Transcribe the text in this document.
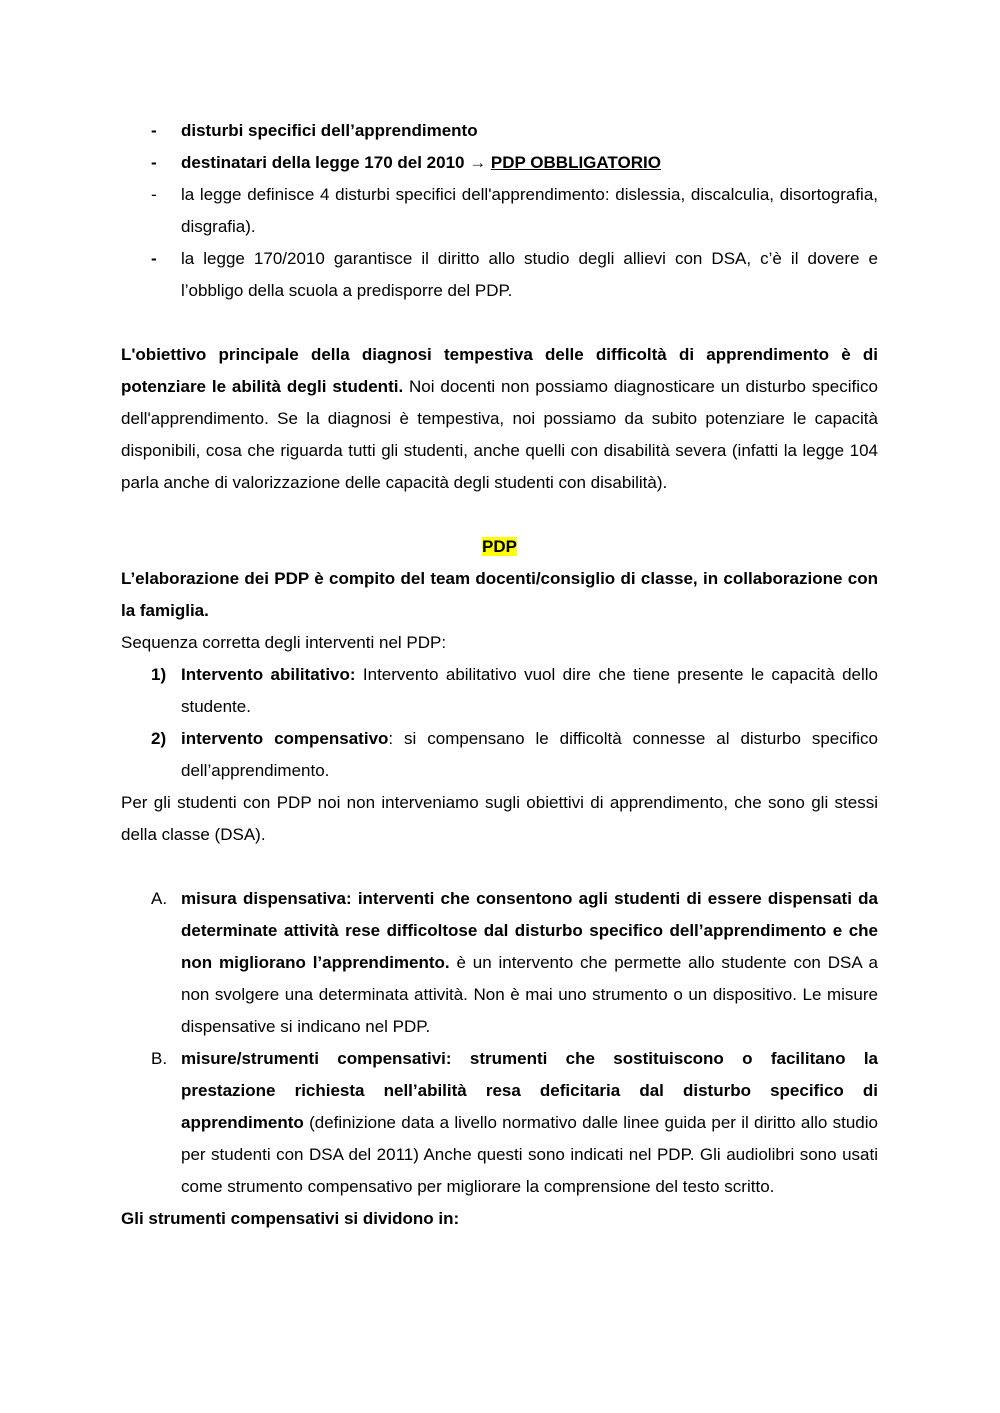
- disturbi specifici dell’apprendimento
- destinatari della legge 170 del 2010 → PDP OBBLIGATORIO
- la legge definisce 4 disturbi specifici dell'apprendimento: dislessia, discalculia, disortografia, disgrafia).
- la legge 170/2010 garantisce il diritto allo studio degli allievi con DSA, c’è il dovere e l’obbligo della scuola a predisporre del PDP.

L'obiettivo principale della diagnosi tempestiva delle difficoltà di apprendimento è di potenziare le abilità degli studenti. Noi docenti non possiamo diagnosticare un disturbo specifico dell'apprendimento. Se la diagnosi è tempestiva, noi possiamo da subito potenziare le capacità disponibili, cosa che riguarda tutti gli studenti, anche quelli con disabilità severa (infatti la legge 104 parla anche di valorizzazione delle capacità degli studenti con disabilità).

PDP

L’elaborazione dei PDP è compito del team docenti/consiglio di classe, in collaborazione con la famiglia.

Sequenza corretta degli interventi nel PDP:

1) Intervento abilitativo: Intervento abilitativo vuol dire che tiene presente le capacità dello studente.
2) intervento compensativo: si compensano le difficoltà connesse al disturbo specifico dell’apprendimento.

Per gli studenti con PDP noi non interveniamo sugli obiettivi di apprendimento, che sono gli stessi della classe (DSA).

A. misura dispensativa: interventi che consentono agli studenti di essere dispensati da determinate attività rese difficoltose dal disturbo specifico dell’apprendimento e che non migliorano l’apprendimento. è un intervento che permette allo studente con DSA a non svolgere una determinata attività. Non è mai uno strumento o un dispositivo. Le misure dispensative si indicano nel PDP.
B. misure/strumenti compensativi: strumenti che sostituiscono o facilitano la prestazione richiesta nell’abilità resa deficitaria dal disturbo specifico di apprendimento (definizione data a livello normativo dalle linee guida per il diritto allo studio per studenti con DSA del 2011) Anche questi sono indicati nel PDP. Gli audiolibri sono usati come strumento compensativo per migliorare la comprensione del testo scritto.

Gli strumenti compensativi si dividono in:
